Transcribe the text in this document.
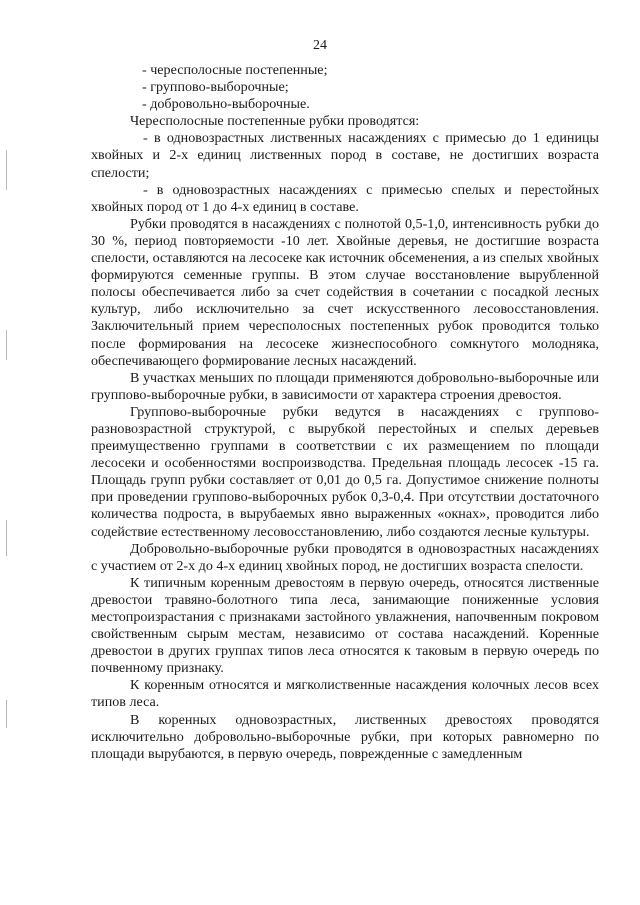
24

- чересполосные постепенные;

- группово-выборочные;

- добровольно-выборочные.

Чересполосные постепенные рубки проводятся:

- в одновозрастных лиственных насаждениях с примесью до 1 единицы хвойных и 2-х единиц лиственных пород в составе, не достигших возраста спелости;

- в одновозрастных насаждениях с примесью спелых и перестойных хвойных пород от 1 до 4-х единиц в составе.

Рубки проводятся в насаждениях с полнотой 0,5-1,0, интенсивность рубки до 30 %, период повторяемости -10 лет. Хвойные деревья, не достигшие возраста спелости, оставляются на лесосеке как источник обсеменения, а из спелых хвойных формируются семенные группы. В этом случае восстановление вырубленной полосы обеспечивается либо за счет содействия в сочетании с посадкой лесных культур, либо исключительно за счет искусственного лесовосстановления. Заключительный прием чересполосных постепенных рубок проводится только после формирования на лесосеке жизнеспособного сомкнутого молодняка, обеспечивающего формирование лесных насаждений.

В участках меньших по площади применяются добровольно-выборочные или группово-выборочные рубки, в зависимости от характера строения древостоя.

Группово-выборочные рубки ведутся в насаждениях с группово-разновозрастной структурой, с вырубкой перестойных и спелых деревьев преимущественно группами в соответствии с их размещением по площади лесосеки и особенностями воспроизводства. Предельная площадь лесосек -15 га. Площадь групп рубки составляет от 0,01 до 0,5 га. Допустимое снижение полноты при проведении группово-выборочных рубок 0,3-0,4. При отсутствии достаточного количества подроста, в вырубаемых явно выраженных «окнах», проводится либо содействие естественному лесовосстановлению, либо создаются лесные культуры.

Добровольно-выборочные рубки проводятся в одновозрастных насаждениях с участием от 2-х до 4-х единиц хвойных пород, не достигших возраста спелости.

К типичным коренным древостоям в первую очередь, относятся лиственные древостои травяно-болотного типа леса, занимающие пониженные условия местопроизрастания с признаками застойного увлажнения, напочвенным покровом свойственным сырым местам, независимо от состава насаждений. Коренные древостои в других группах типов леса относятся к таковым в первую очередь по почвенному признаку.

К коренным относятся и мягколиственные насаждения колочных лесов всех типов леса.

В коренных одновозрастных, лиственных древостоях проводятся исключительно добровольно-выборочные рубки, при которых равномерно по площади вырубаются, в первую очередь, поврежденные с замедленным
